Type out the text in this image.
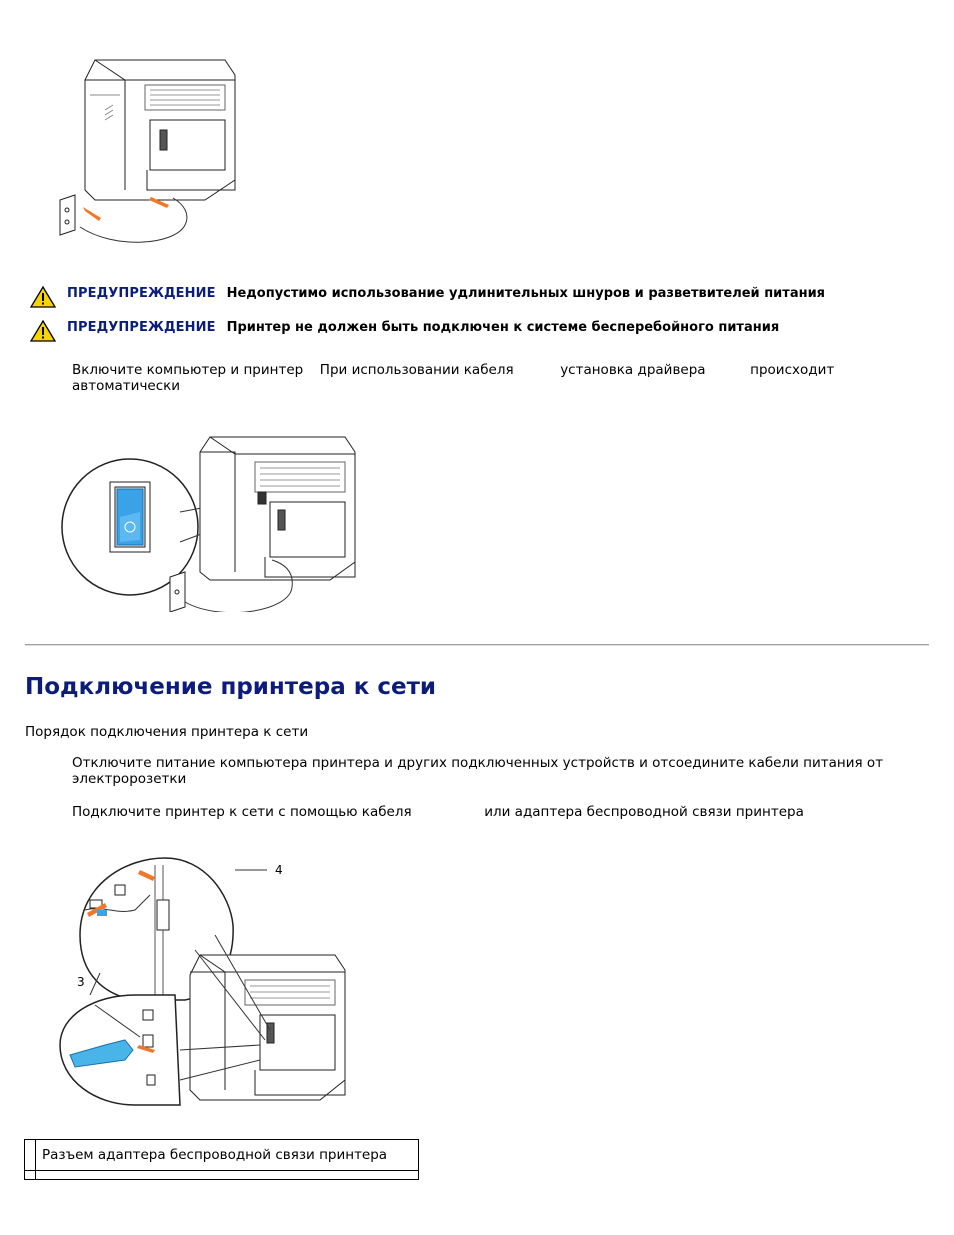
ПРЕДУПРЕЖДЕНИЕ Недопустимо использование удлинительных шнуров и разветвителей питания
ПРЕДУПРЕЖДЕНИЕ Принтер не должен быть подключен к системе бесперебойного питания
Включите компьютер и принтер При использовании кабеля	установка драйвера	происходит
автоматически
Подключение принтера к сети
Порядок подключения принтера к сети
Отключите питание компьютера принтера и других подключенных устройств и отсоедините кабели питания от
электророзетки
Подключите принтер к сети с помощью кабеля	или адаптера беспроводной связи принтера
4
3
	Разъем адаптера беспроводной связи принтера
